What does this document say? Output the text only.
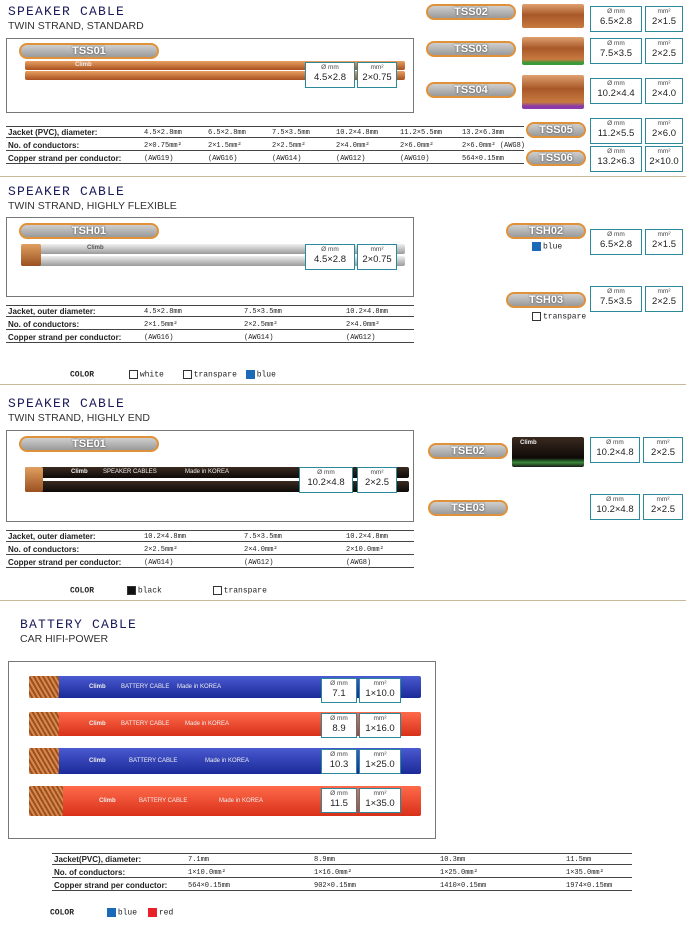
SPEAKER CABLE
TWIN STRAND, STANDARD
TSS01
Climb	Ø mm
4.5×2.8
mm²
2×0.75
TSS02	Ø mm
6.5×2.8
mm²
2×1.5
TSS03	Ø mm
7.5×3.5
mm²
2×2.5
TSS04
Ø mm
10.2×4.4
mm²
2×4.0
TSS05
Ø mm
11.2×5.5
mm²
2×6.0
TSS06
Ø mm
13.2×6.3
mm²
2×10.0
Jacket (PVC), diameter:	4.5×2.8mm	6.5×2.8mm	7.5×3.5mm	10.2×4.8mm	11.2×5.5mm	13.2×6.3mm
No. of conductors:	2×0.75mm²	2×1.5mm²	2×2.5mm²	2×4.0mm²	2×6.0mm²	2×6.0mm² (AWG8)
Copper strand per conductor:	(AWG19)	(AWG16)	(AWG14)	(AWG12)	(AWG10)	564×0.15mm
SPEAKER CABLE
TWIN STRAND, HIGHLY FLEXIBLE
TSH01
Climb	Ø mm
4.5×2.8
mm²
2×0.75
TSH02	Ø mm
6.5×2.8
mm²
2×1.5
blue
TSH03
Ø mm
7.5×3.5
mm²
2×2.5
transpare
Jacket, outer diameter:	4.5×2.8mm	7.5×3.5mm	10.2×4.8mm
No. of conductors:	2×1.5mm²	2×2.5mm²	2×4.0mm²
Copper strand per conductor:	(AWG16)	(AWG14)	(AWG12)
COLOR	white	transpare blue
SPEAKER CABLE
TWIN STRAND, HIGHLY END
TSE01
Climb	SPEAKER CABLES	Made in KOREA	Ø mm
10.2×4.8
mm²
2×2.5
TSE02
Climb	Ø mm
10.2×4.8
mm²
2×2.5
TSE03
Ø mm
10.2×4.8
mm²
2×2.5
Jacket, outer diameter:	10.2×4.8mm	7.5×3.5mm	10.2×4.8mm
No. of conductors:	2×2.5mm²	2×4.0mm²	2×10.0mm²
Copper strand per conductor:	(AWG14)	(AWG12)	(AWG8)
COLOR	black	transpare
BATTERY CABLE
CAR HIFI-POWER
Climb	BATTERY CABLE Made in KOREA	Ø mm
7.1
mm²
1×10.0
Climb	BATTERY CABLE	Made in KOREA
Ø mm
8.9
mm²
1×16.0
Climb	BATTERY CABLE	Made in KOREA
Ø mm
10.3
mm²
1×25.0
Climb	BATTERY CABLE	Made in KOREA
Ø mm
11.5
mm²
1×35.0
Jacket(PVC), diameter:	7.1mm	8.9mm	10.3mm	11.5mm
No. of conductors:	1×10.0mm²	1×16.0mm²	1×25.0mm²	1×35.0mm²
Copper strand per conductor:	564×0.15mm	902×0.15mm	1410×0.15mm	1974×0.15mm
COLOR	blue	red
